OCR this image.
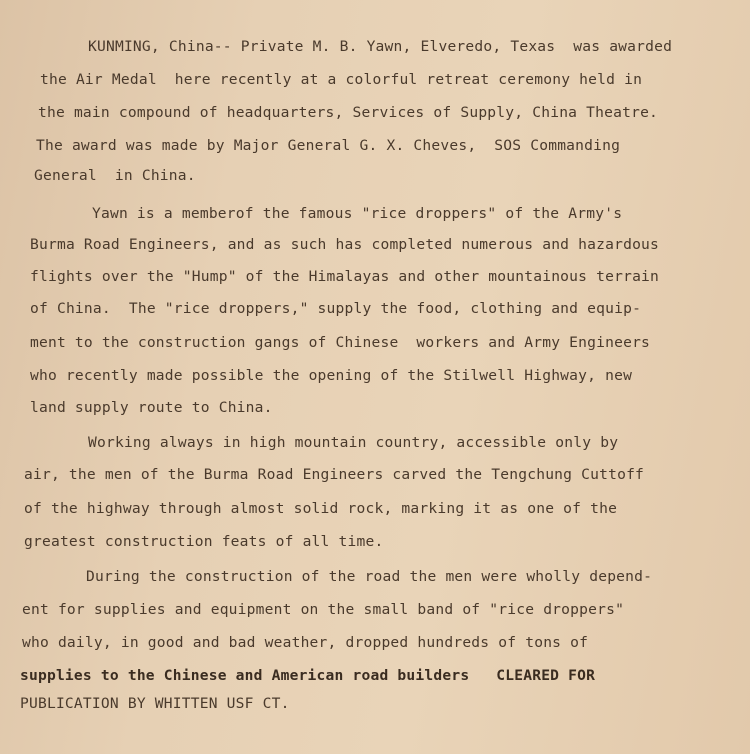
KUNMING, China-- Private M. B. Yawn, Elveredo, Texas  was awarded
the Air Medal  here recently at a colorful retreat ceremony held in
the main compound of headquarters, Services of Supply, China Theatre.
The award was made by Major General G. X. Cheves,  SOS Commanding
General  in China.
Yawn is a memberof the famous "rice droppers" of the Army's
Burma Road Engineers, and as such has completed numerous and hazardous
flights over the "Hump" of the Himalayas and other mountainous terrain
of China.  The "rice droppers," supply the food, clothing and equip-
ment to the construction gangs of Chinese  workers and Army Engineers
who recently made possible the opening of the Stilwell Highway, new
land supply route to China.
Working always in high mountain country, accessible only by
air, the men of the Burma Road Engineers carved the Tengchung Cuttoff
of the highway through almost solid rock, marking it as one of the
greatest construction feats of all time.
During the construction of the road the men were wholly depend-
ent for supplies and equipment on the small band of "rice droppers"
who daily, in good and bad weather, dropped hundreds of tons of
supplies to the Chinese and American road builders   CLEARED FOR
PUBLICATION BY WHITTEN USF CT.
